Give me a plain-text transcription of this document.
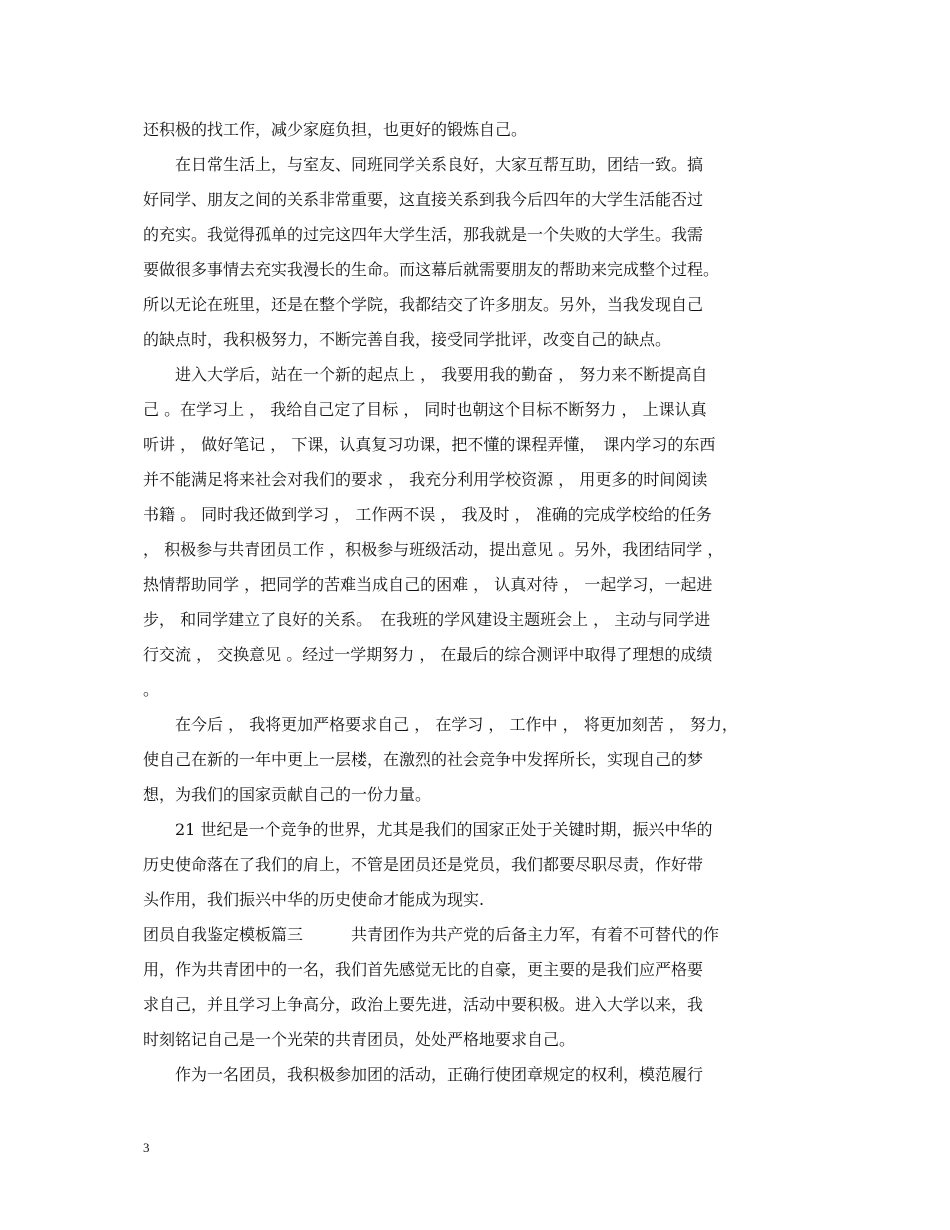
还积极的找工作，减少家庭负担，也更好的锻炼自己。
　　在日常生活上，与室友、同班同学关系良好，大家互帮互助，团结一致。搞
好同学、朋友之间的关系非常重要，这直接关系到我今后四年的大学生活能否过
的充实。我觉得孤单的过完这四年大学生活，那我就是一个失败的大学生。我需
要做很多事情去充实我漫长的生命。而这幕后就需要朋友的帮助来完成整个过程。
所以无论在班里，还是在整个学院，我都结交了许多朋友。另外，当我发现自己
的缺点时，我积极努力，不断完善自我，接受同学批评，改变自己的缺点。
　　进入大学后，站在一个新的起点上 ， 我要用我的勤奋 ， 努力来不断提高自
己 。在学习上 ， 我给自己定了目标 ， 同时也朝这个目标不断努力 ， 上课认真
听讲 ， 做好笔记 ， 下课，认真复习功课，把不懂的课程弄懂，　课内学习的东西
并不能满足将来社会对我们的要求 ， 我充分利用学校资源 ， 用更多的时间阅读
书籍 。 同时我还做到学习 ， 工作两不误 ， 我及时 ， 准确的完成学校给的任务
， 积极参与共青团员工作 ，积极参与班级活动，提出意见 。另外，我团结同学 ，
热情帮助同学 ，把同学的苦难当成自己的困难 ， 认真对待 ， 一起学习，一起进
步， 和同学建立了良好的关系。　在我班的学风建设主题班会上 ， 主动与同学进
行交流 ， 交换意见 。经过一学期努力 ， 在最后的综合测评中取得了理想的成绩
。
　　在今后 ， 我将更加严格要求自己 ， 在学习 ， 工作中 ， 将更加刻苦 ， 努力，
使自己在新的一年中更上一层楼，在激烈的社会竞争中发挥所长，实现自己的梦
想，为我们的国家贡献自己的一份力量。
　　21 世纪是一个竞争的世界，尤其是我们的国家正处于关键时期，振兴中华的
历史使命落在了我们的肩上，不管是团员还是党员，我们都要尽职尽责，作好带
头作用，我们振兴中华的历史使命才能成为现实.
团员自我鉴定模板篇三　　　共青团作为共产党的后备主力军，有着不可替代的作
用，作为共青团中的一名，我们首先感觉无比的自豪，更主要的是我们应严格要
求自己，并且学习上争高分，政治上要先进，活动中要积极。进入大学以来，我
时刻铭记自己是一个光荣的共青团员，处处严格地要求自己。
　　作为一名团员，我积极参加团的活动，正确行使团章规定的权利，模范履行
3
